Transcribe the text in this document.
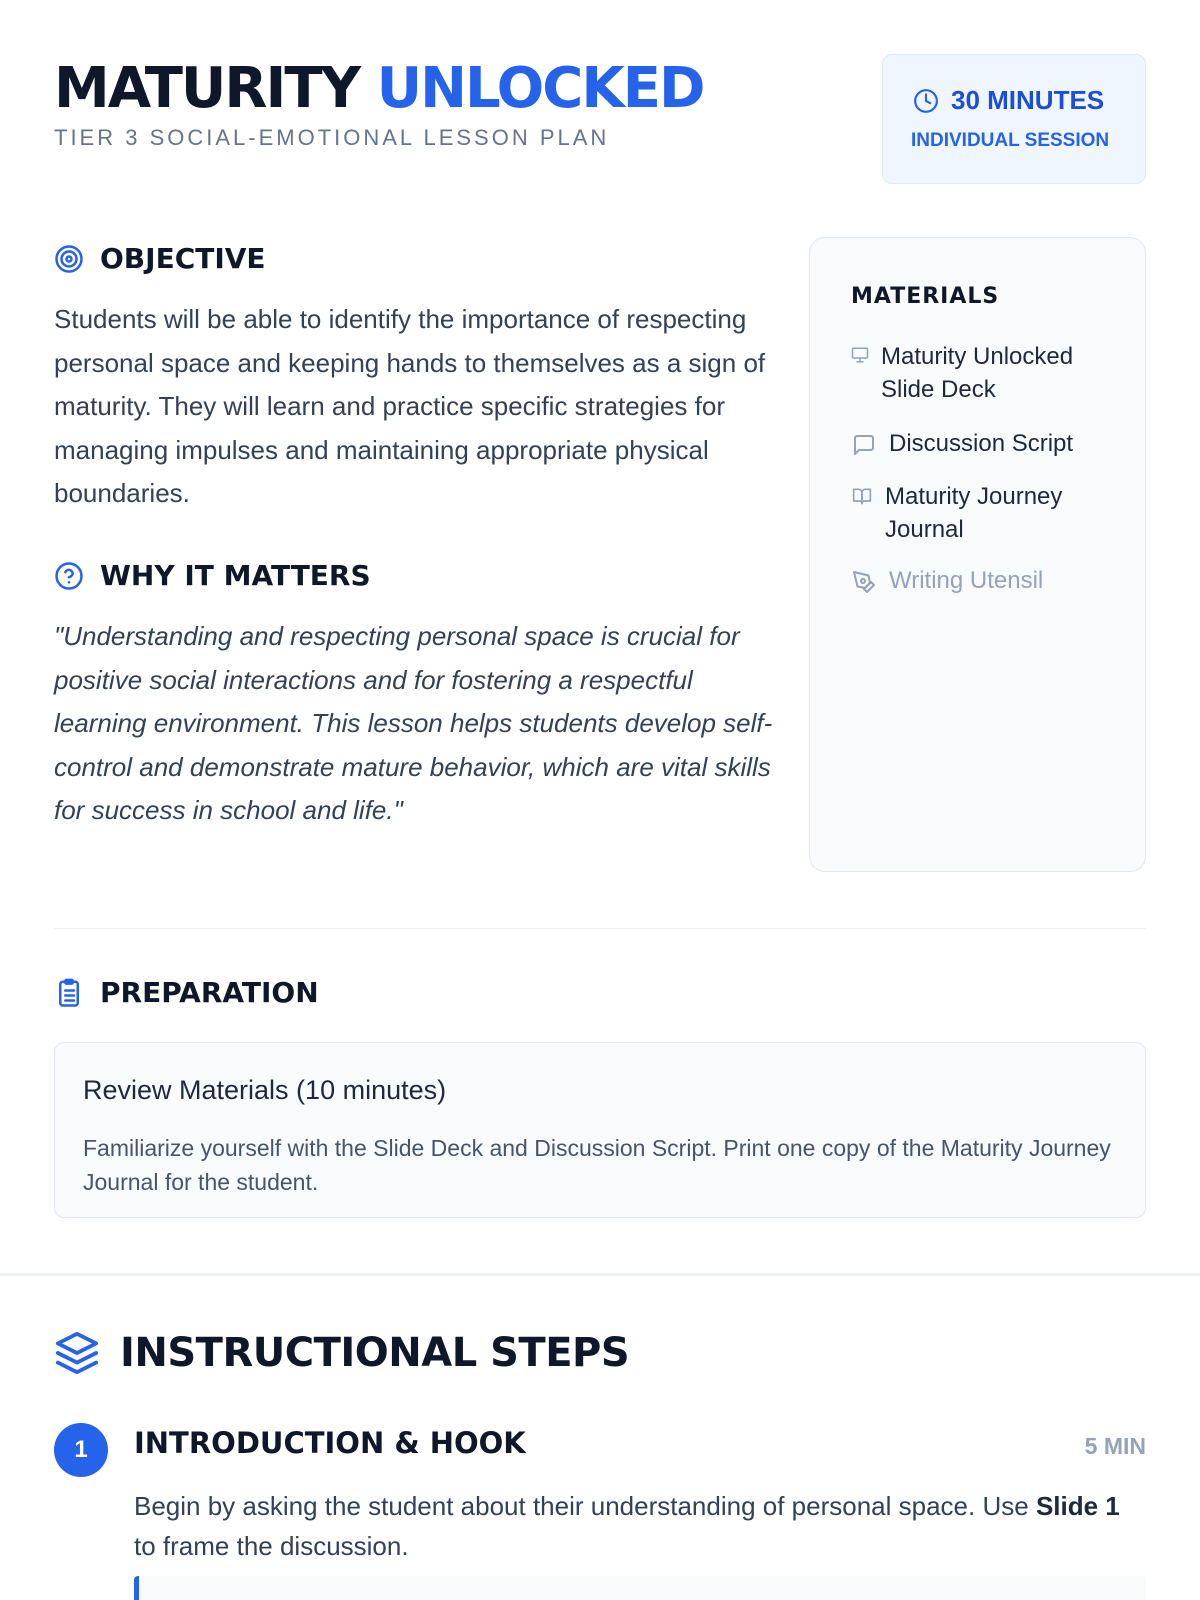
MATURITY UNLOCKED
TIER 3 SOCIAL-EMOTIONAL LESSON PLAN
30 MINUTES
INDIVIDUAL SESSION
OBJECTIVE
Students will be able to identify the importance of respecting personal space and keeping hands to themselves as a sign of maturity. They will learn and practice specific strategies for managing impulses and maintaining appropriate physical boundaries.
WHY IT MATTERS
"Understanding and respecting personal space is crucial for positive social interactions and for fostering a respectful learning environment. This lesson helps students develop self-control and demonstrate mature behavior, which are vital skills for success in school and life."
MATERIALS
Maturity Unlocked Slide Deck
Discussion Script
Maturity Journey Journal
Writing Utensil
PREPARATION
Review Materials (10 minutes)
Familiarize yourself with the Slide Deck and Discussion Script. Print one copy of the Maturity Journey Journal for the student.
INSTRUCTIONAL STEPS
1	INTRODUCTION & HOOK	5 MIN
Begin by asking the student about their understanding of personal space. Use Slide 1 to frame the discussion.
